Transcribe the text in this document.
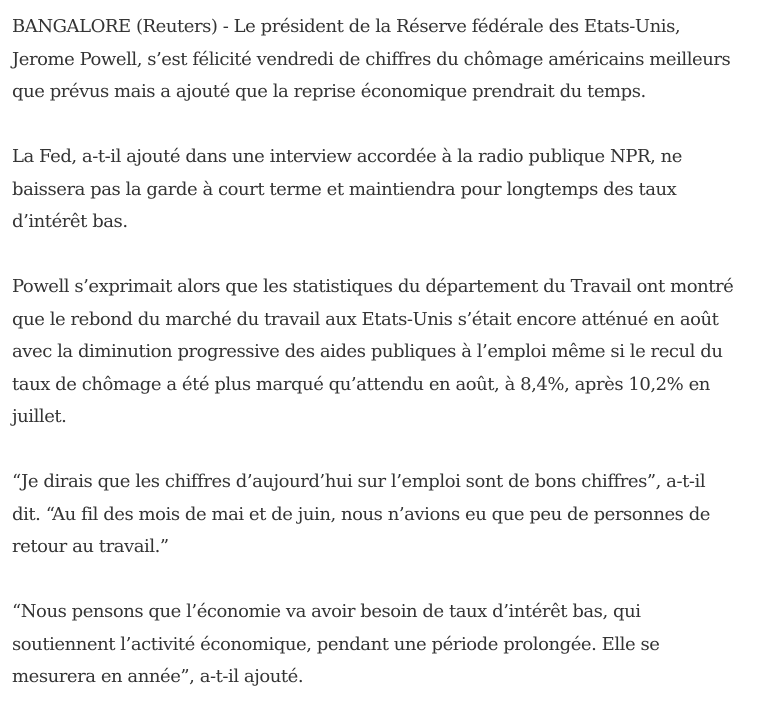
BANGALORE (Reuters) - Le président de la Réserve fédérale des Etats-Unis, Jerome Powell, s’est félicité vendredi de chiffres du chômage américains meilleurs que prévus mais a ajouté que la reprise économique prendrait du temps.

La Fed, a-t-il ajouté dans une interview accordée à la radio publique NPR, ne baissera pas la garde à court terme et maintiendra pour longtemps des taux d’intérêt bas.

Powell s’exprimait alors que les statistiques du département du Travail ont montré que le rebond du marché du travail aux Etats-Unis s’était encore atténué en août avec la diminution progressive des aides publiques à l’emploi même si le recul du taux de chômage a été plus marqué qu’attendu en août, à 8,4%, après 10,2% en juillet.

“Je dirais que les chiffres d’aujourd’hui sur l’emploi sont de bons chiffres”, a-t-il dit. “Au fil des mois de mai et de juin, nous n’avions eu que peu de personnes de retour au travail.”

“Nous pensons que l’économie va avoir besoin de taux d’intérêt bas, qui soutiennent l’activité économique, pendant une période prolongée. Elle se mesurera en année”, a-t-il ajouté.
